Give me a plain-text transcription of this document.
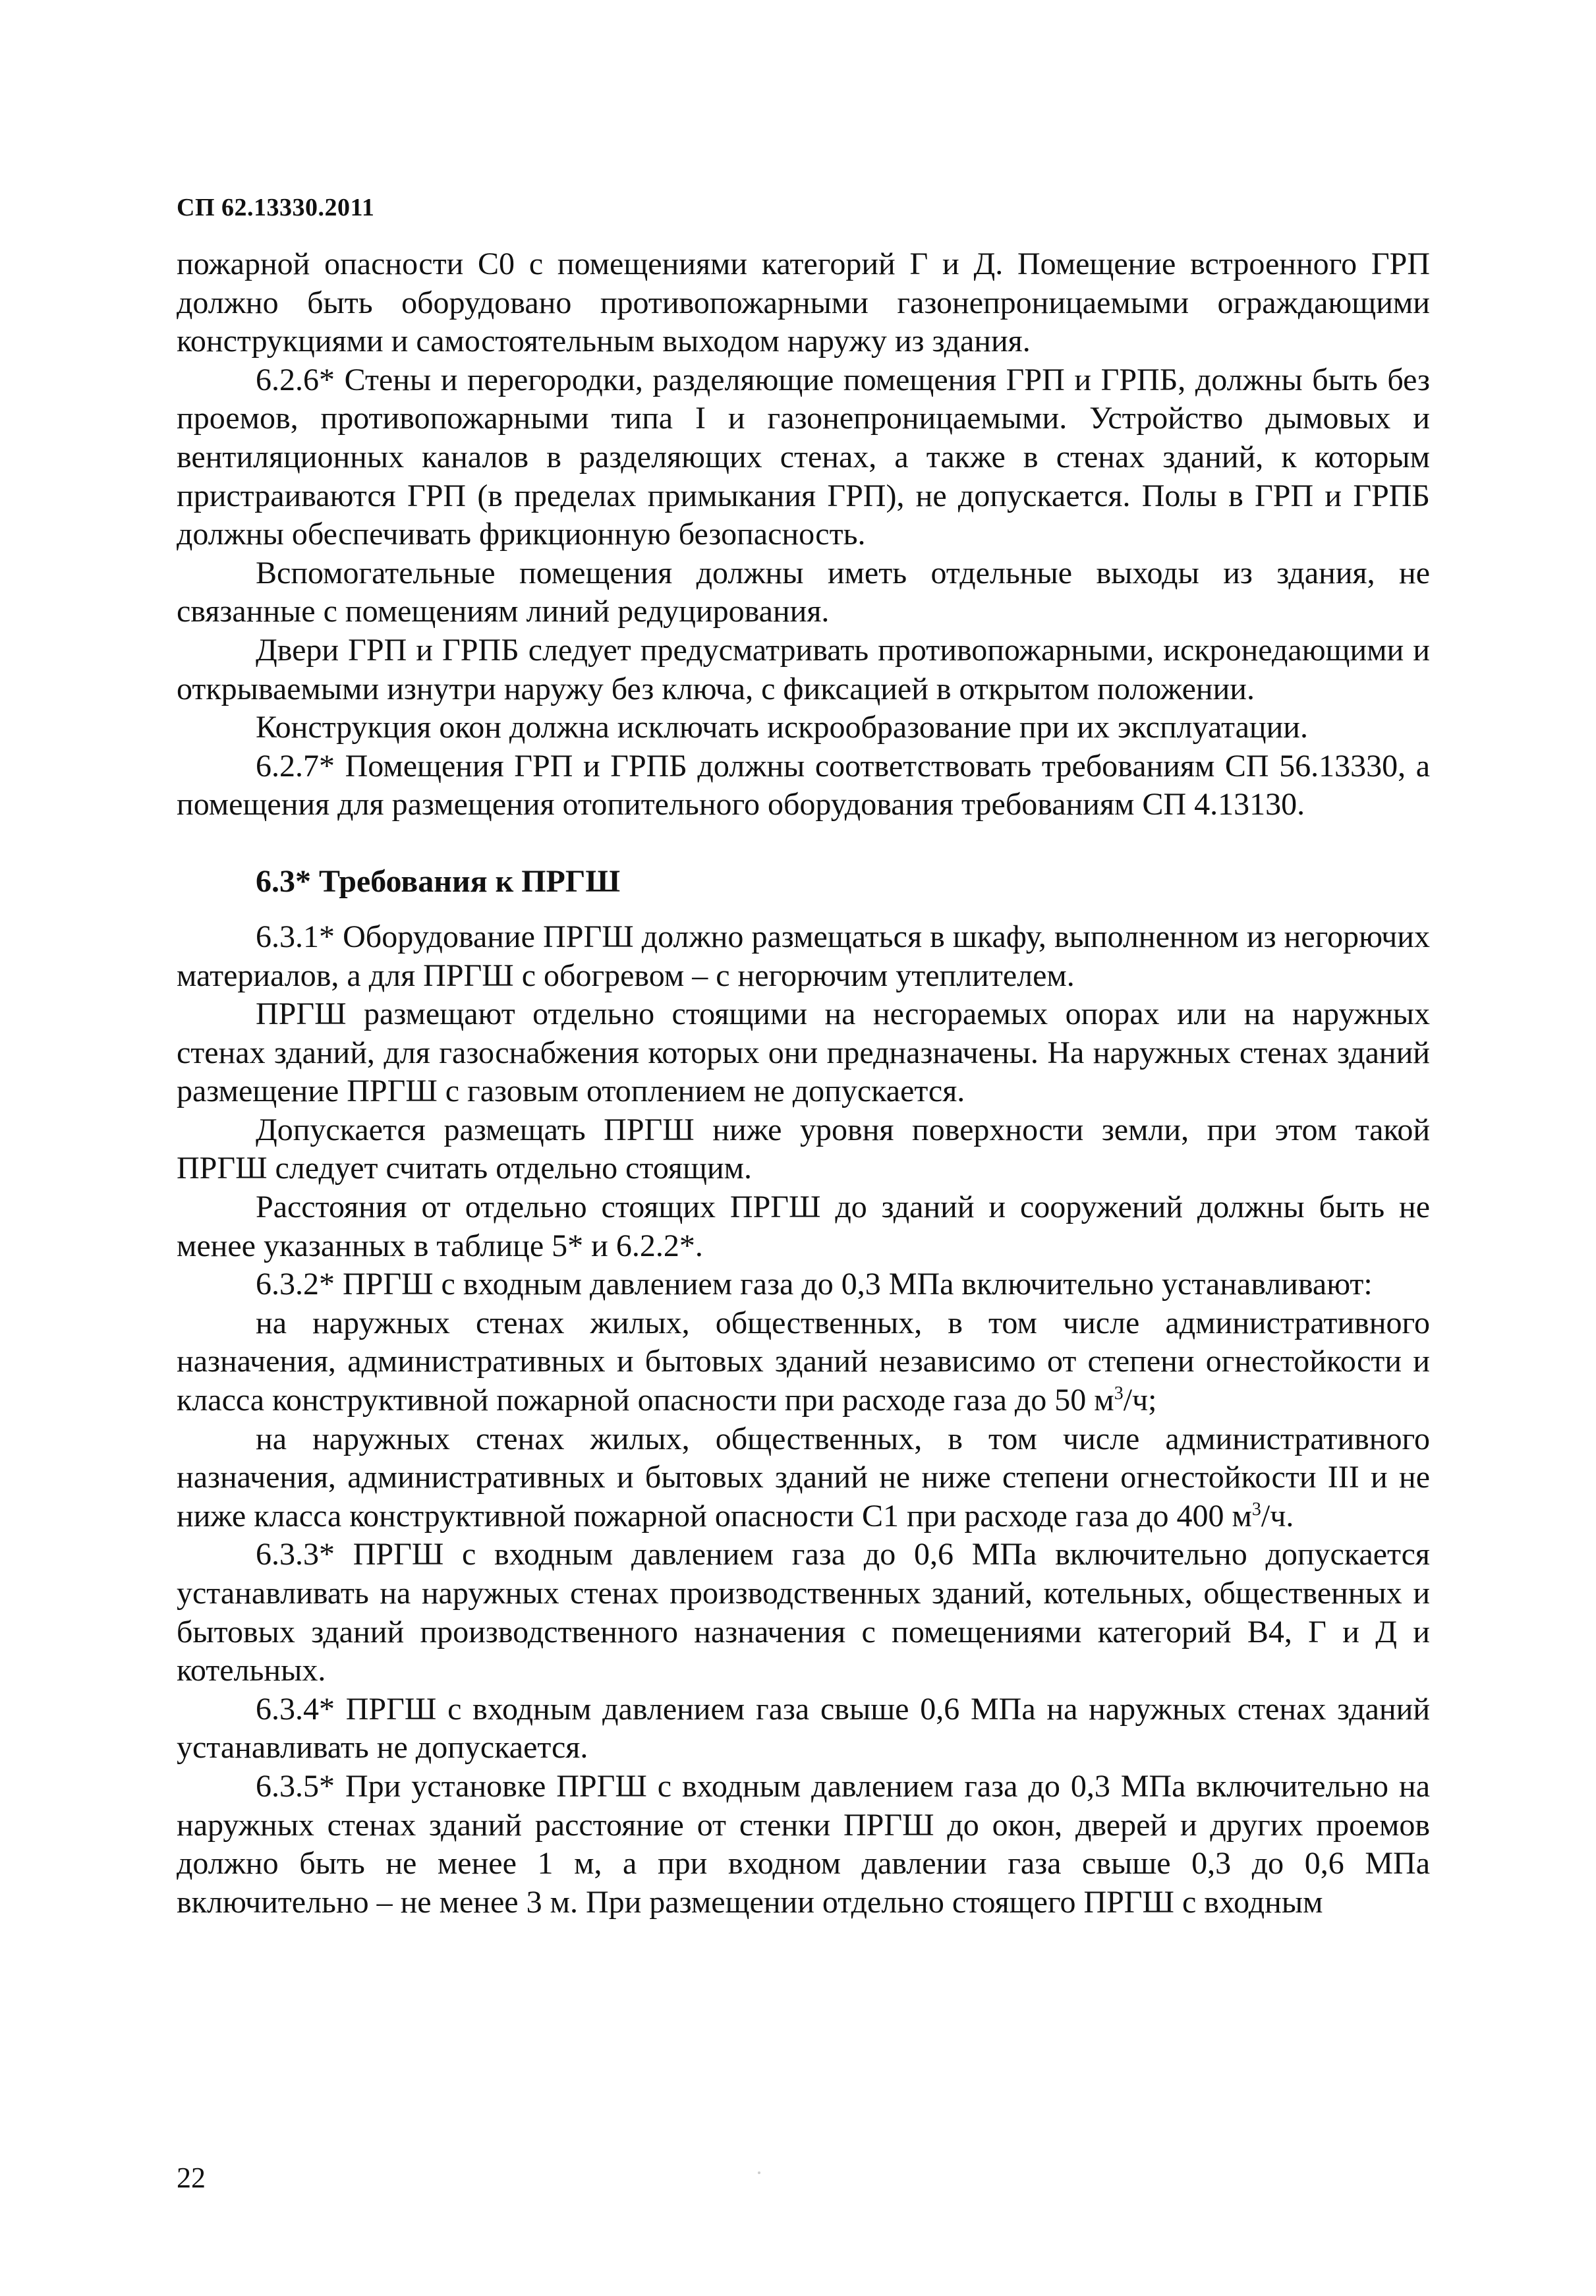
СП 62.13330.2011

пожарной опасности С0 с помещениями категорий Г и Д. Помещение встроенного ГРП должно быть оборудовано противопожарными газонепроницаемыми ограждающими конструкциями и самостоятельным выходом наружу из здания.

6.2.6* Стены и перегородки, разделяющие помещения ГРП и ГРПБ, должны быть без проемов, противопожарными типа I и газонепроницаемыми. Устройство дымовых и вентиляционных каналов в разделяющих стенах, а также в стенах зданий, к которым пристраиваются ГРП (в пределах примыкания ГРП), не допускается. Полы в ГРП и ГРПБ должны обеспечивать фрикционную безопасность.

Вспомогательные помещения должны иметь отдельные выходы из здания, не связанные с помещениям линий редуцирования.

Двери ГРП и ГРПБ следует предусматривать противопожарными, искронедающими и открываемыми изнутри наружу без ключа, с фиксацией в открытом положении.

Конструкция окон должна исключать искрообразование при их эксплуатации.

6.2.7* Помещения ГРП и ГРПБ должны соответствовать требованиям СП 56.13330, а помещения для размещения отопительного оборудования требованиям СП 4.13130.

6.3* Требования к ПРГШ

6.3.1* Оборудование ПРГШ должно размещаться в шкафу, выполненном из негорючих материалов, а для ПРГШ с обогревом – с негорючим утеплителем.

ПРГШ размещают отдельно стоящими на несгораемых опорах или на наружных стенах зданий, для газоснабжения которых они предназначены. На наружных стенах зданий размещение ПРГШ с газовым отоплением не допускается.

Допускается размещать ПРГШ ниже уровня поверхности земли, при этом такой ПРГШ следует считать отдельно стоящим.

Расстояния от отдельно стоящих ПРГШ до зданий и сооружений должны быть не менее указанных в таблице 5* и 6.2.2*.

6.3.2* ПРГШ с входным давлением газа до 0,3 МПа включительно устанавливают:

на наружных стенах жилых, общественных, в том числе административного назначения, административных и бытовых зданий независимо от степени огнестойкости и класса конструктивной пожарной опасности при расходе газа до 50 $м^3/ч$;

на наружных стенах жилых, общественных, в том числе административного назначения, административных и бытовых зданий не ниже степени огнестойкости III и не ниже класса конструктивной пожарной опасности С1 при расходе газа до 400 $м^3/ч$.

6.3.3* ПРГШ с входным давлением газа до 0,6 МПа включительно допускается устанавливать на наружных стенах производственных зданий, котельных, общественных и бытовых зданий производственного назначения с помещениями категорий В4, Г и Д и котельных.

6.3.4* ПРГШ с входным давлением газа свыше 0,6 МПа на наружных стенах зданий устанавливать не допускается.

6.3.5* При установке ПРГШ с входным давлением газа до 0,3 МПа включительно на наружных стенах зданий расстояние от стенки ПРГШ до окон, дверей и других проемов должно быть не менее 1 м, а при входном давлении газа свыше 0,3 до 0,6 МПа включительно – не менее 3 м. При размещении отдельно стоящего ПРГШ с входным

22
